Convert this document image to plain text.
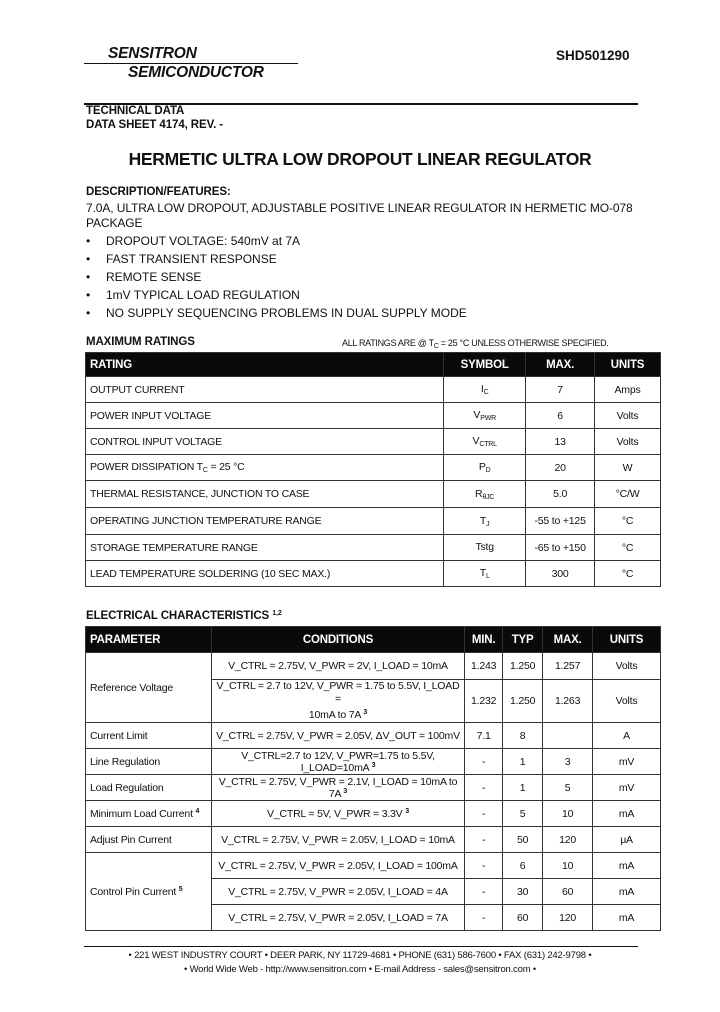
SENSITRON
SEMICONDUCTOR
SHD501290
TECHNICAL DATA
DATA SHEET 4174, REV. -
HERMETIC ULTRA LOW DROPOUT LINEAR REGULATOR
DESCRIPTION/FEATURES:
7.0A, ULTRA LOW DROPOUT, ADJUSTABLE POSITIVE LINEAR REGULATOR IN HERMETIC MO-078
PACKAGE
•	DROPOUT VOLTAGE: 540mV at 7A
•	FAST TRANSIENT RESPONSE
•	REMOTE SENSE
•	1mV TYPICAL LOAD REGULATION
•	NO SUPPLY SEQUENCING PROBLEMS IN DUAL SUPPLY MODE
MAXIMUM RATINGS	ALL RATINGS ARE @ $T_C = 25$ °C UNLESS OTHERWISE SPECIFIED.
RATING	SYMBOL	MAX.	UNITS
OUTPUT CURRENT	$I_C$	7	Amps
POWER INPUT VOLTAGE	$V_{PWR}$	6	Volts
CONTROL INPUT VOLTAGE	$V_{CTRL}$	13	Volts
POWER DISSIPATION $T_C = 25$ °C	$P_D$	20	W
THERMAL RESISTANCE, JUNCTION TO CASE	$R_{\theta JC}$	5.0	°C/W
OPERATING JUNCTION TEMPERATURE RANGE	$T_J$	-55 to +125	°C
STORAGE TEMPERATURE RANGE	Tstg	-65 to +150	°C
LEAD TEMPERATURE SOLDERING (10 SEC MAX.)	$T_L$	300	°C
ELECTRICAL CHARACTERISTICS $^{1,2}$
PARAMETER	CONDITIONS	MIN.	TYP	MAX.	UNITS
Reference Voltage	V_CTRL = 2.75V, V_PWR = 2V, I_LOAD = 10mA	1.243	1.250	1.257	Volts
	V_CTRL = 2.7 to 12V, V_PWR = 1.75 to 5.5V, I_LOAD =
10mA to 7A $^3$	1.232	1.250	1.263	Volts
Current Limit	V_CTRL = 2.75V, V_PWR = 2.05V, ΔV_OUT = 100mV	7.1	8		A
Line Regulation	V_CTRL=2.7 to 12V, V_PWR=1.75 to 5.5V, I_LOAD=10mA $^3$	-	1	3	mV
Load Regulation	V_CTRL = 2.75V, V_PWR = 2.1V, I_LOAD = 10mA to 7A $^3$	-	1	5	mV
Minimum Load Current $^4$	V_CTRL = 5V, V_PWR = 3.3V $^3$	-	5	10	mA
Adjust Pin Current	V_CTRL = 2.75V, V_PWR = 2.05V, I_LOAD = 10mA	-	50	120	μA
Control Pin Current $^5$	V_CTRL = 2.75V, V_PWR = 2.05V, I_LOAD = 100mA	-	6	10	mA
	V_CTRL = 2.75V, V_PWR = 2.05V, I_LOAD = 4A	-	30	60	mA
	V_CTRL = 2.75V, V_PWR = 2.05V, I_LOAD = 7A	-	60	120	mA
• 221 WEST INDUSTRY COURT • DEER PARK, NY 11729-4681 • PHONE (631) 586-7600 • FAX (631) 242-9798 •
• World Wide Web - http://www.sensitron.com • E-mail Address - sales@sensitron.com •
